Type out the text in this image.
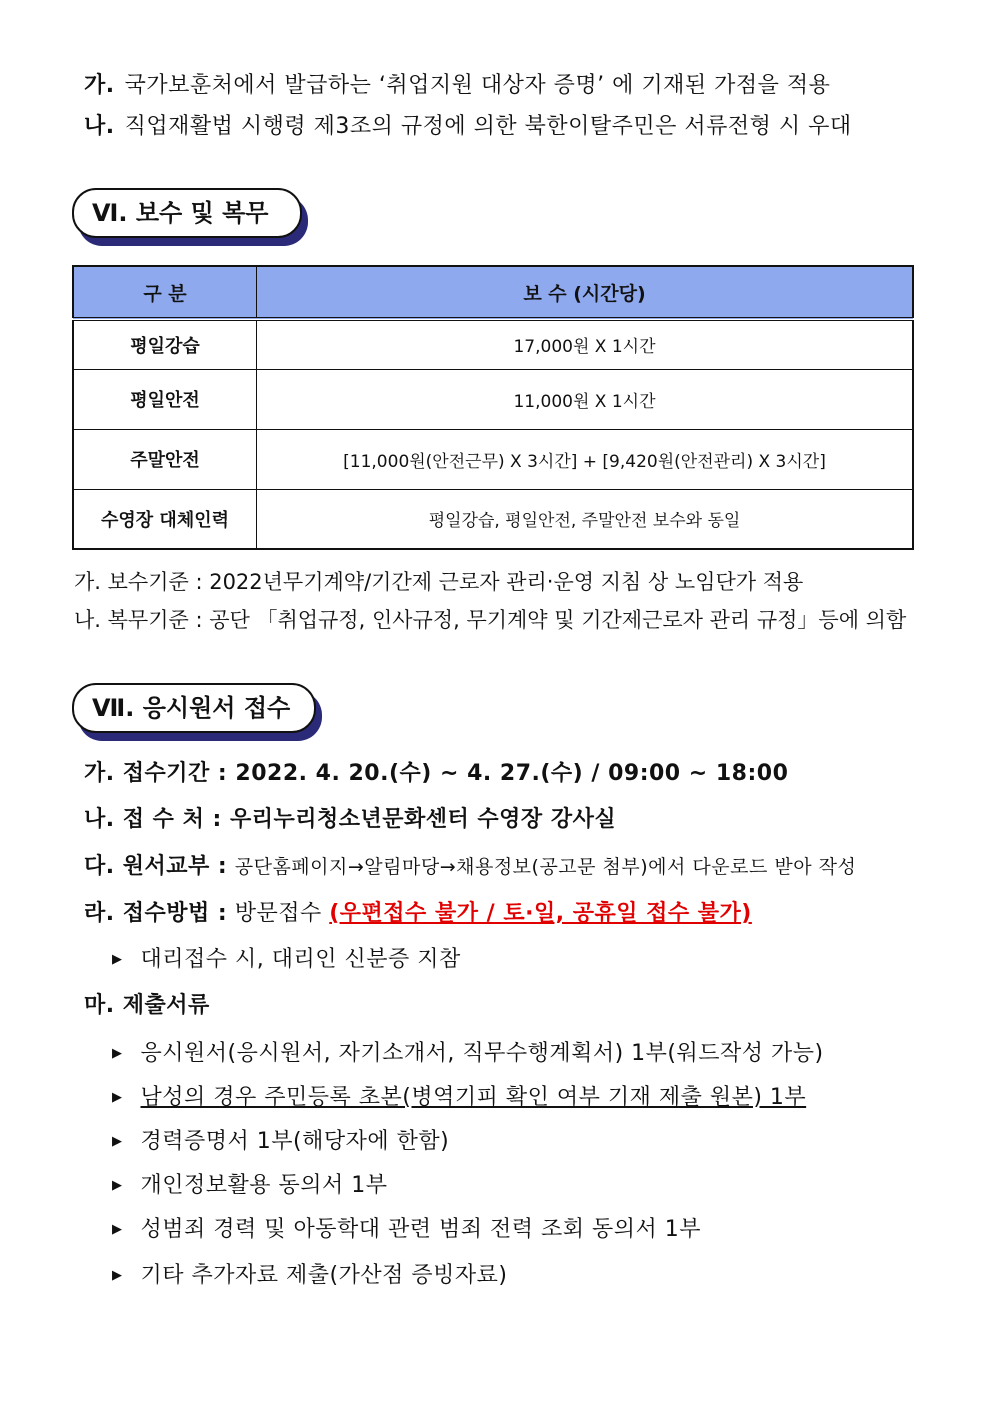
가. 국가보훈처에서 발급하는 ‘취업지원 대상자 증명’ 에 기재된 가점을 적용
나. 직업재활법 시행령 제3조의 규정에 의한 북한이탈주민은 서류전형 시 우대
Ⅵ. 보수 및 복무
구 분	보 수 (시간당)
평일강습	17,000원 X 1시간
평일안전	11,000원 X 1시간
주말안전	[11,000원(안전근무) X 3시간] + [9,420원(안전관리) X 3시간]
수영장 대체인력	평일강습, 평일안전, 주말안전 보수와 동일
가. 보수기준 : 2022년무기계약/기간제 근로자 관리‧운영 지침 상 노임단가 적용
나. 복무기준 : 공단 「취업규정, 인사규정, 무기계약 및 기간제근로자 관리 규정」등에 의함
Ⅶ. 응시원서 접수
가. 접수기간 : 2022. 4. 20.(수) ~ 4. 27.(수) / 09:00 ~ 18:00
나. 접 수 처 : 우리누리청소년문화센터 수영장 강사실
다. 원서교부 : 공단홈페이지→알림마당→채용정보(공고문 첨부)에서 다운로드 받아 작성
라. 접수방법 : 방문접수 (우편접수 불가 / 토·일, 공휴일 접수 불가)
▶ 대리접수 시, 대리인 신분증 지참
마. 제출서류
▶ 응시원서(응시원서, 자기소개서, 직무수행계획서) 1부(워드작성 가능)
▶ 남성의 경우 주민등록 초본(병역기피 확인 여부 기재 제출 원본) 1부
▶ 경력증명서 1부(해당자에 한함)
▶ 개인정보활용 동의서 1부
▶ 성범죄 경력 및 아동학대 관련 범죄 전력 조회 동의서 1부
▶ 기타 추가자료 제출(가산점 증빙자료)
